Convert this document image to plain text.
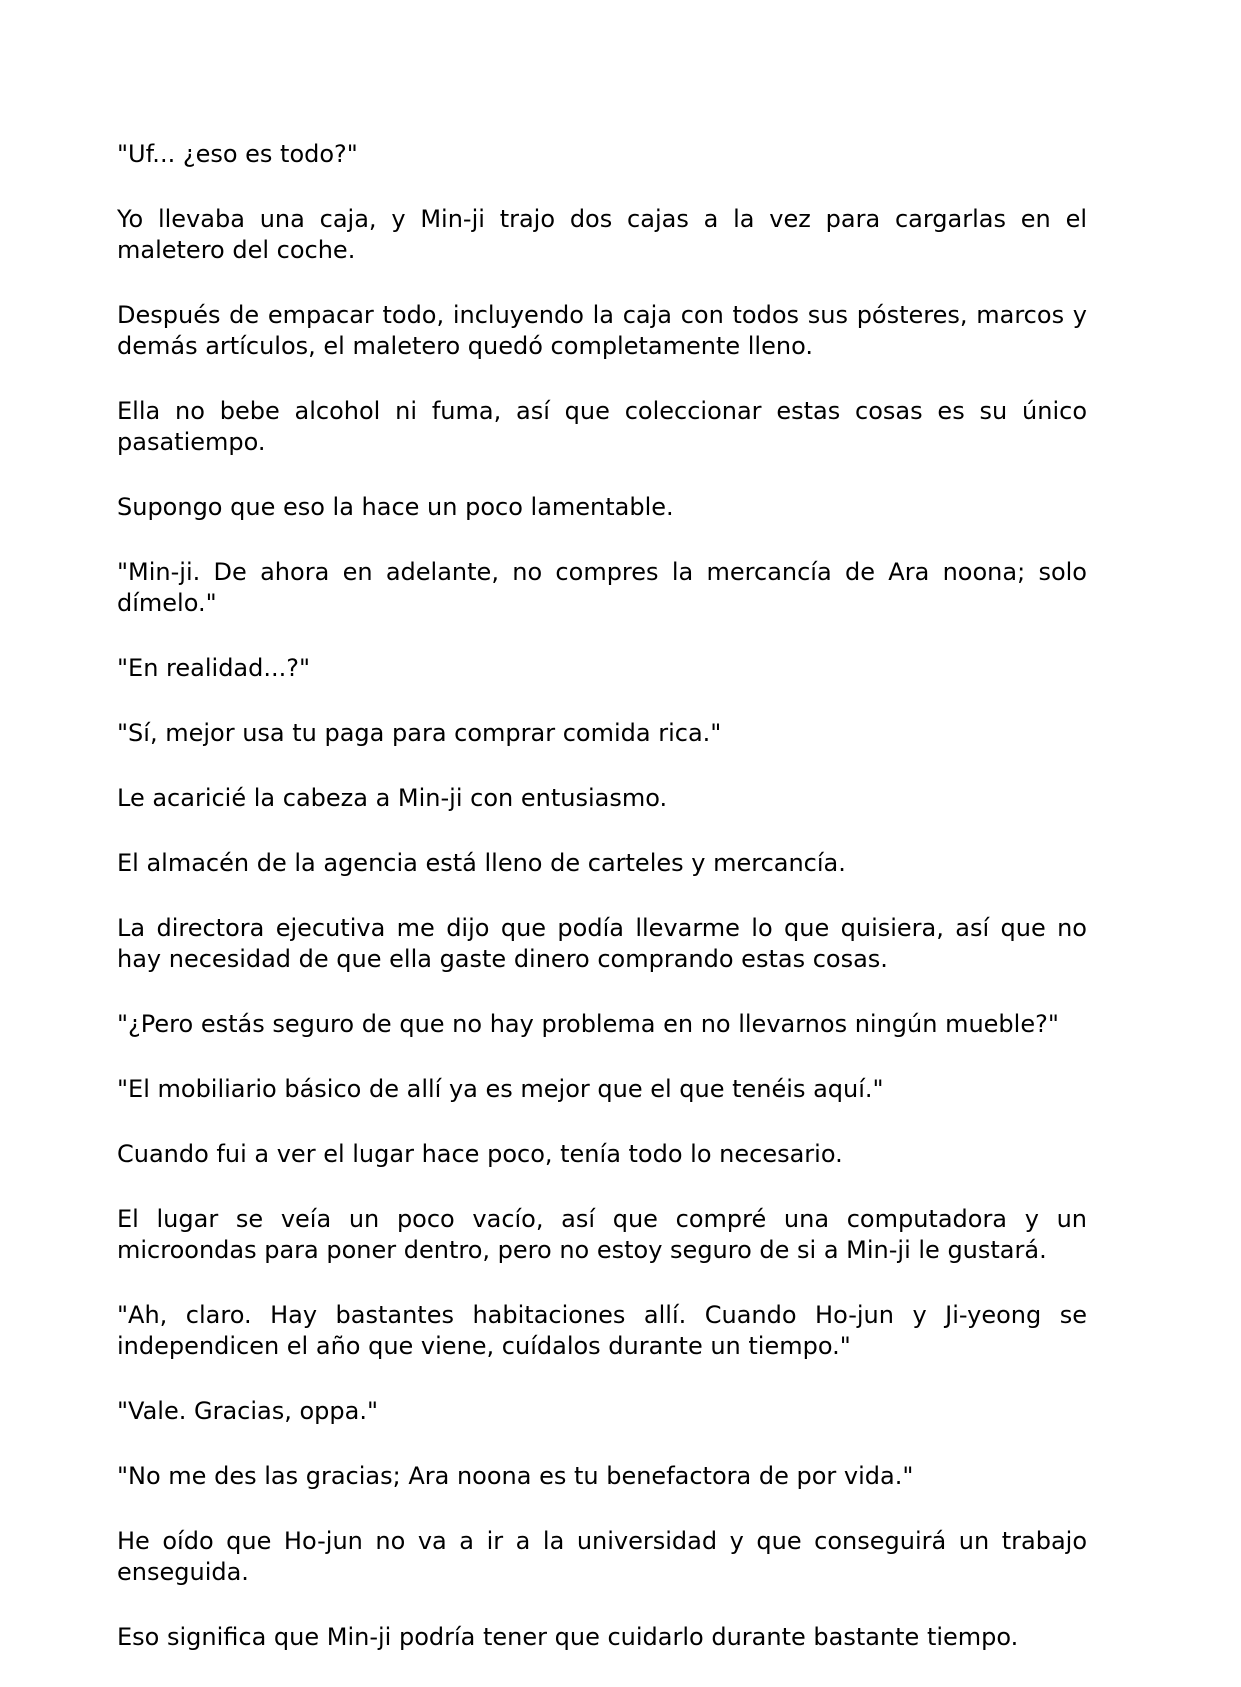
"Uf... ¿eso es todo?"

Yo llevaba una caja, y Min-ji trajo dos cajas a la vez para cargarlas en el maletero del coche.

Después de empacar todo, incluyendo la caja con todos sus pósteres, marcos y demás artículos, el maletero quedó completamente lleno.

Ella no bebe alcohol ni fuma, así que coleccionar estas cosas es su único pasatiempo.

Supongo que eso la hace un poco lamentable.

"Min-ji. De ahora en adelante, no compres la mercancía de Ara noona; solo dímelo."

"En realidad...?"

"Sí, mejor usa tu paga para comprar comida rica."

Le acaricié la cabeza a Min-ji con entusiasmo.

El almacén de la agencia está lleno de carteles y mercancía.

La directora ejecutiva me dijo que podía llevarme lo que quisiera, así que no hay necesidad de que ella gaste dinero comprando estas cosas.

"¿Pero estás seguro de que no hay problema en no llevarnos ningún mueble?"

"El mobiliario básico de allí ya es mejor que el que tenéis aquí."

Cuando fui a ver el lugar hace poco, tenía todo lo necesario.

El lugar se veía un poco vacío, así que compré una computadora y un microondas para poner dentro, pero no estoy seguro de si a Min-ji le gustará.

"Ah, claro. Hay bastantes habitaciones allí. Cuando Ho-jun y Ji-yeong se independicen el año que viene, cuídalos durante un tiempo."

"Vale. Gracias, oppa."

"No me des las gracias; Ara noona es tu benefactora de por vida."

He oído que Ho-jun no va a ir a la universidad y que conseguirá un trabajo enseguida.

Eso significa que Min-ji podría tener que cuidarlo durante bastante tiempo.
